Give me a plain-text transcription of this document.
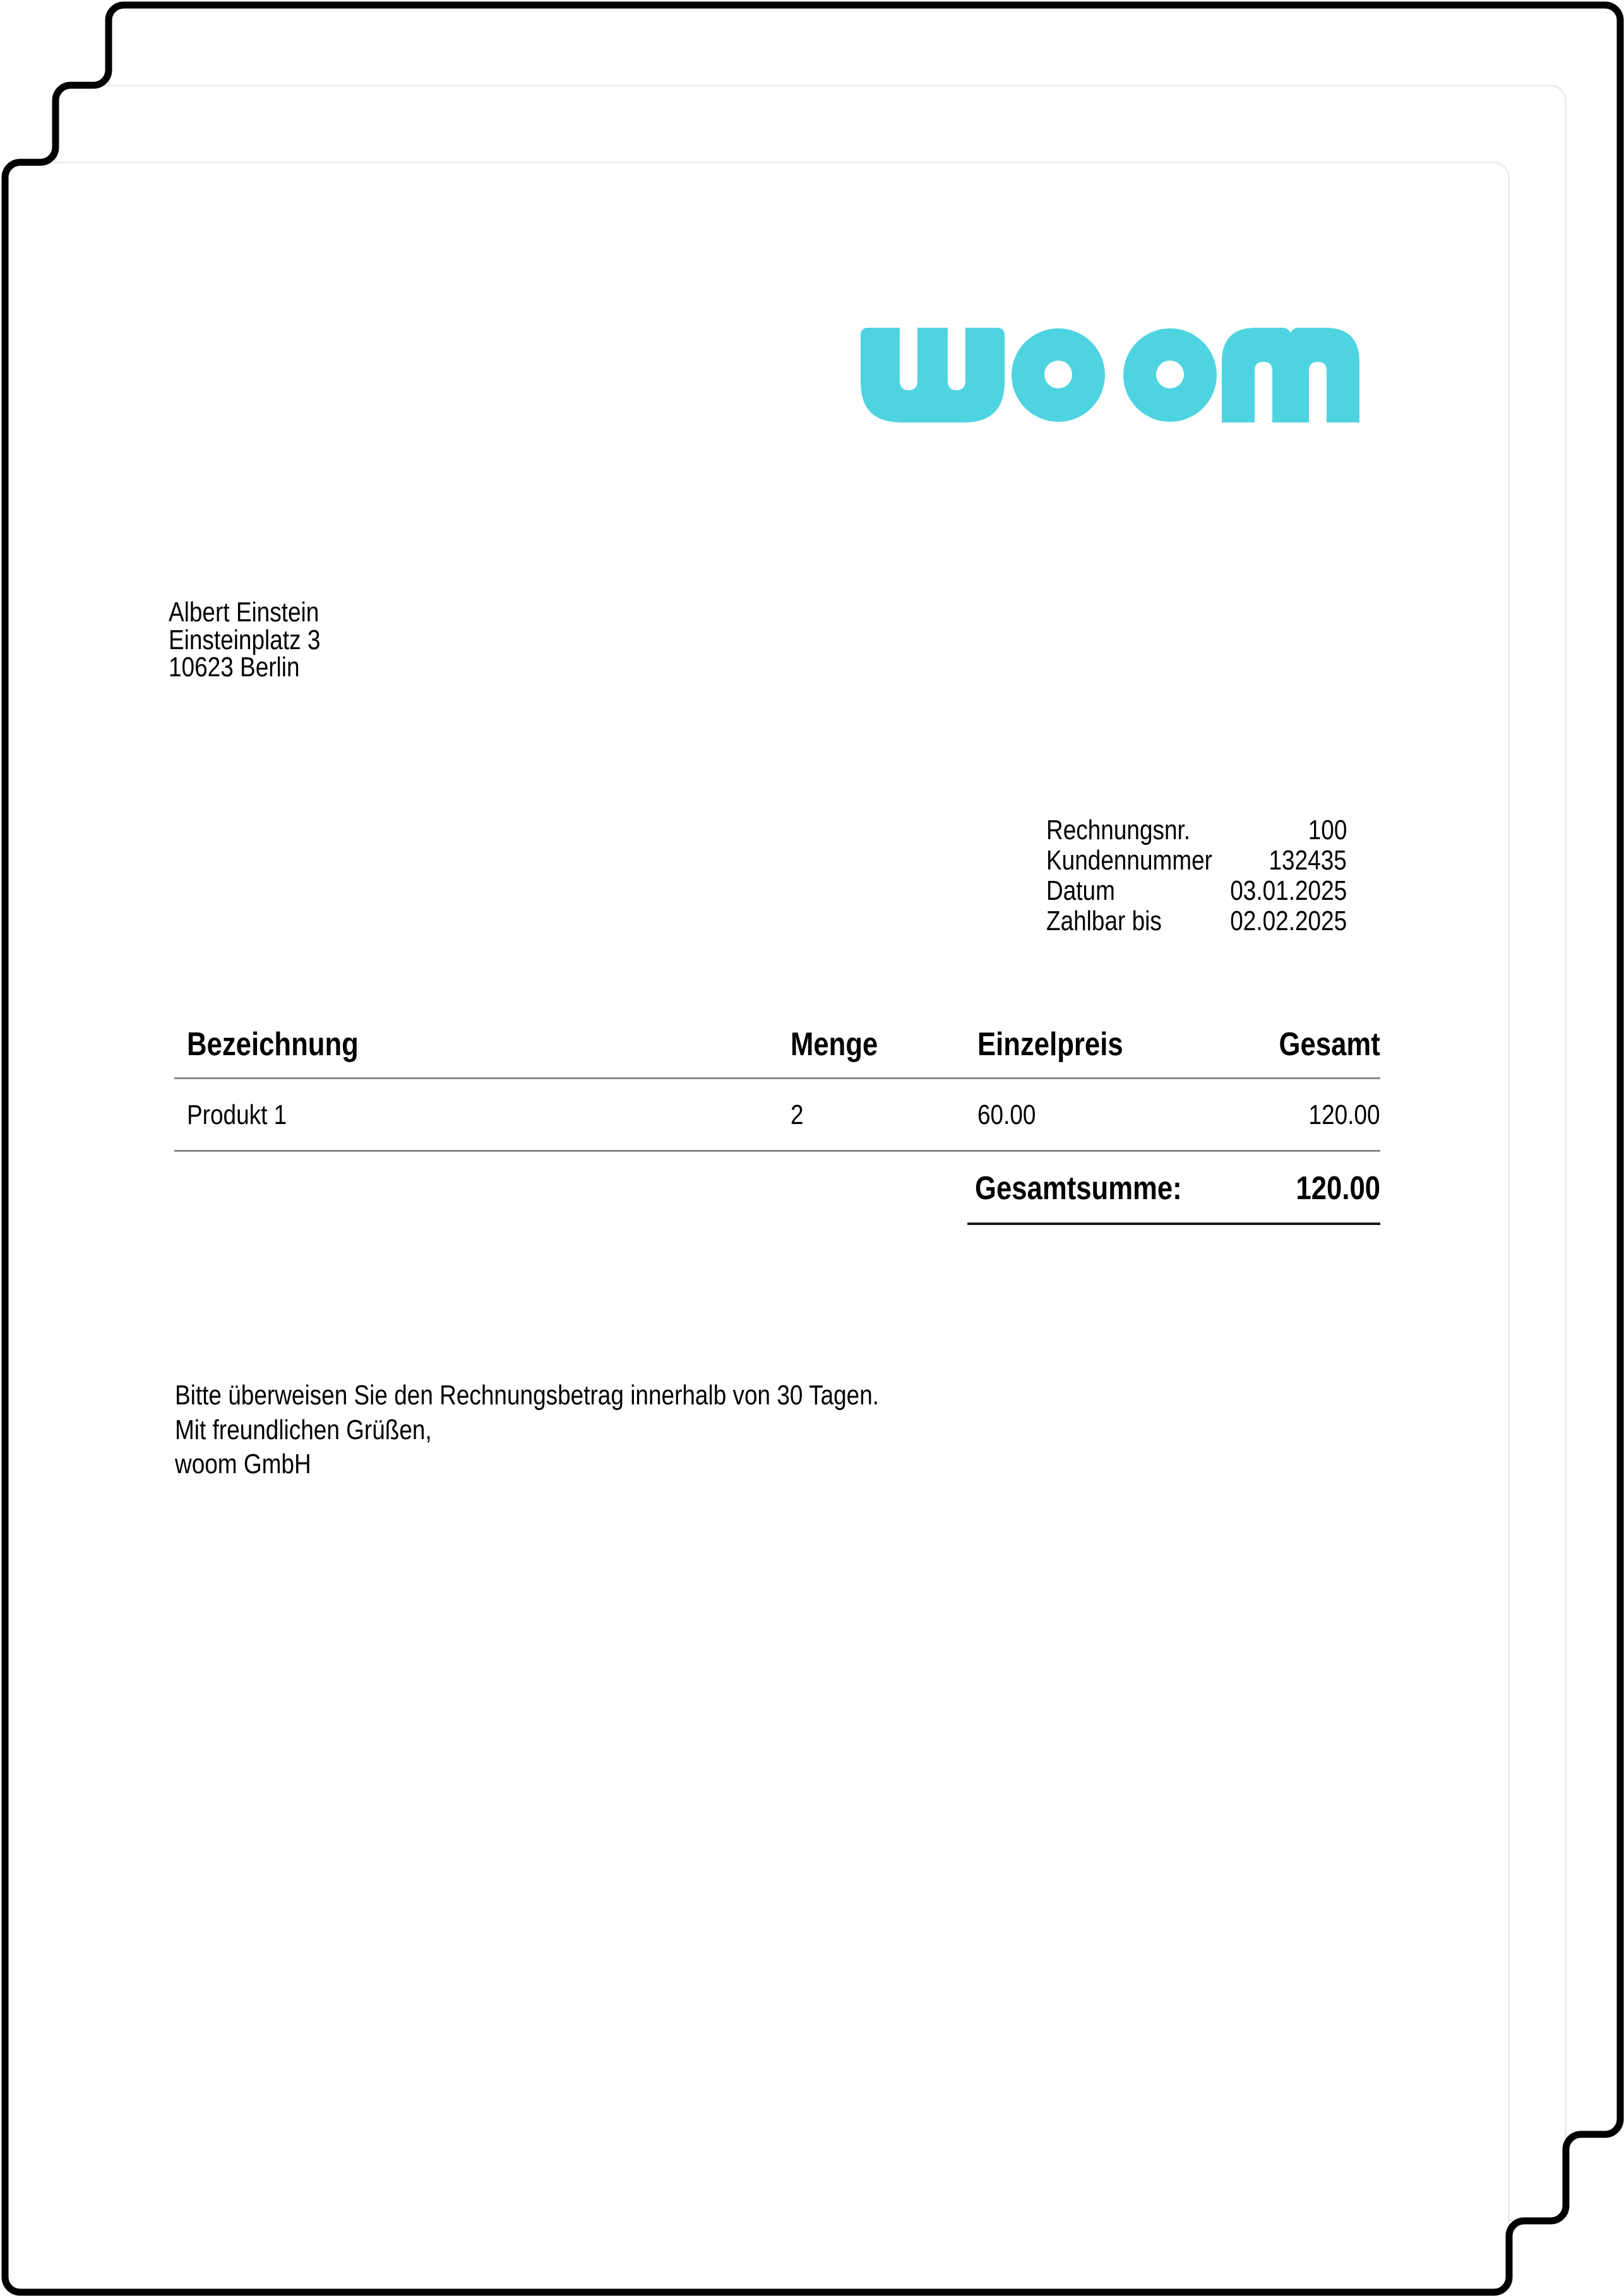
Albert Einstein
Einsteinplatz 3
10623 Berlin
Rechnungsnr.	100
Kundennummer	132435
Datum	03.01.2025
Zahlbar bis	02.02.2025
Bezeichnung	Menge	Einzelpreis	Gesamt
Produkt 1	2	60.00	120.00
Gesamtsumme:	120.00
Bitte überweisen Sie den Rechnungsbetrag innerhalb von 30 Tagen.
Mit freundlichen Grüßen,
woom GmbH
